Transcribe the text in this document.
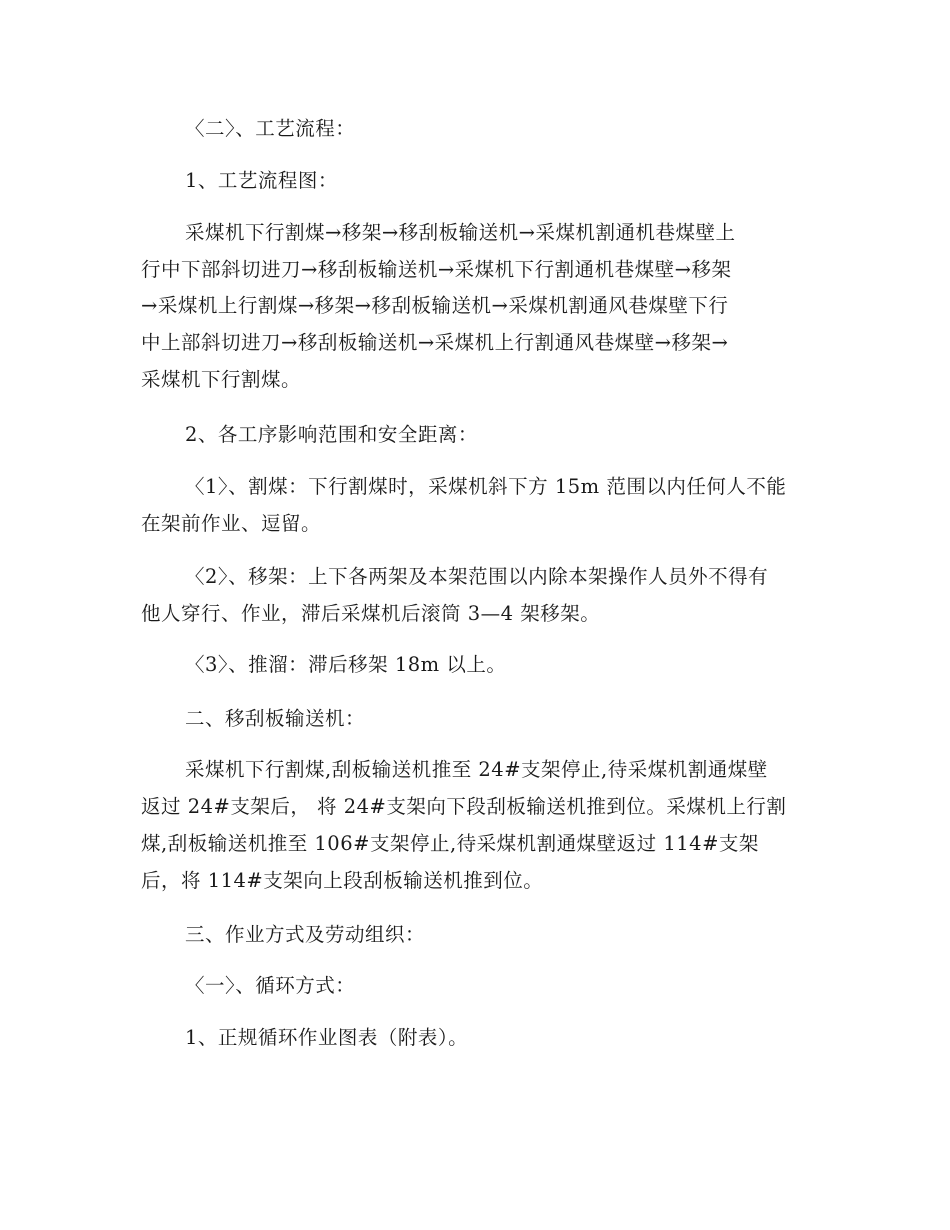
〈二〉、工艺流程：
1、工艺流程图：
采煤机下行割煤→移架→移刮板输送机→采煤机割通机巷煤壁上
行中下部斜切进刀→移刮板输送机→采煤机下行割通机巷煤壁→移架
→采煤机上行割煤→移架→移刮板输送机→采煤机割通风巷煤壁下行
中上部斜切进刀→移刮板输送机→采煤机上行割通风巷煤壁→移架→
采煤机下行割煤。
2、各工序影响范围和安全距离：
〈1〉、割煤：下行割煤时，采煤机斜下方 15m 范围以内任何人不能
在架前作业、逗留。
〈2〉、移架：上下各两架及本架范围以内除本架操作人员外不得有
他人穿行、作业，滞后采煤机后滚筒 3—4 架移架。
〈3〉、推溜：滞后移架 18m 以上。
二、移刮板输送机：
采煤机下行割煤,刮板输送机推至 24#支架停止,待采煤机割通煤壁
返过 24#支架后， 将 24#支架向下段刮板输送机推到位。采煤机上行割
煤,刮板输送机推至 106#支架停止,待采煤机割通煤壁返过 114#支架
后，将 114#支架向上段刮板输送机推到位。
三、作业方式及劳动组织：
〈一〉、循环方式：
1、正规循环作业图表（附表）。
